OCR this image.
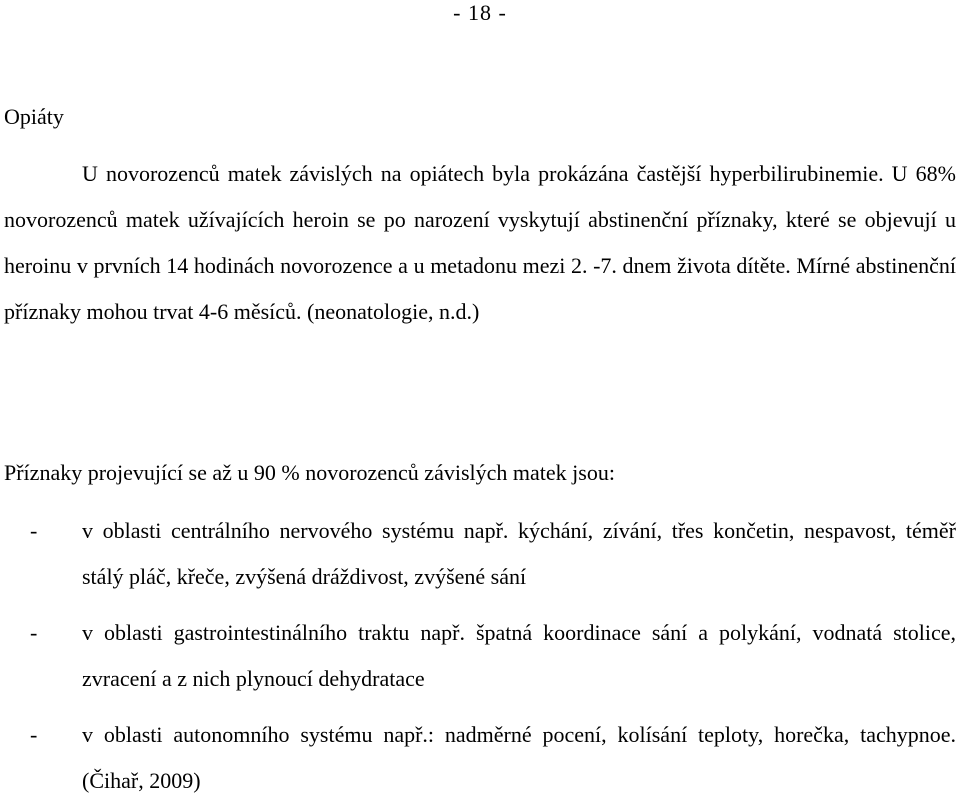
- 18 -
Opiáty

U novorozenců matek závislých na opiátech byla prokázána častější hyperbilirubinemie. U 68% novorozenců matek užívajících heroin se po narození vyskytují abstinenční příznaky, které se objevují u heroinu v prvních 14 hodinách novorozence a u metadonu mezi 2. -7. dnem života dítěte. Mírné abstinenční příznaky mohou trvat 4-6 měsíců. (neonatologie, n.d.)

Příznaky projevující se až u 90 % novorozenců závislých matek jsou:

- v oblasti centrálního nervového systému např. kýchání, zívání, třes končetin, nespavost, téměř stálý pláč, křeče, zvýšená dráždivost, zvýšené sání
- v oblasti gastrointestinálního traktu např. špatná koordinace sání a polykání, vodnatá stolice, zvracení a z nich plynoucí dehydratace
- v oblasti autonomního systému např.: nadměrné pocení, kolísání teploty, horečka, tachypnoe. (Čihař, 2009)
